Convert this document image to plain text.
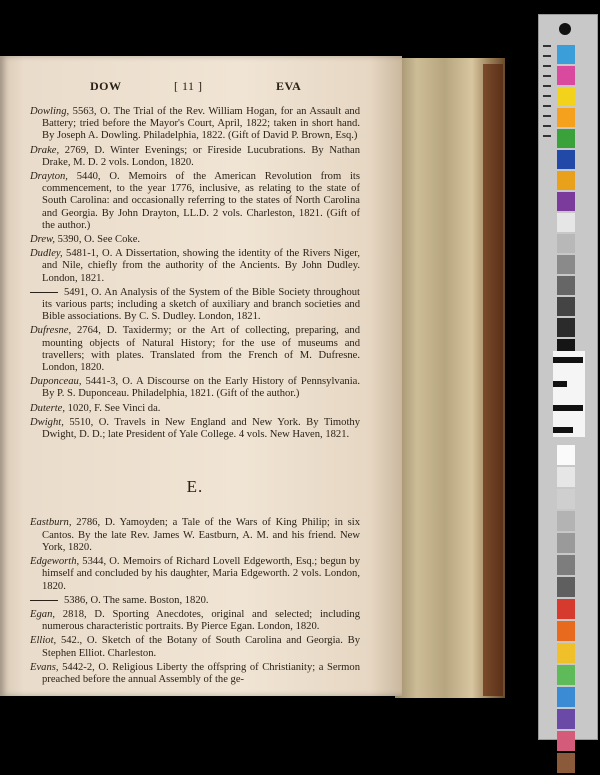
DOW	[ 11 ]	EVA
Dowling, 5563, O. The Trial of the Rev. William Hogan, for an Assault and Battery; tried before the Mayor's Court, April, 1822; taken in short hand. By Joseph A. Dowling. Philadelphia, 1822. (Gift of David P. Brown, Esq.)
Drake, 2769, D. Winter Evenings; or Fireside Lucubrations. By Nathan Drake, M. D. 2 vols. London, 1820.
Drayton, 5440, O. Memoirs of the American Revolution from its commencement, to the year 1776, inclusive, as relating to the state of South Carolina: and occasionally referring to the states of North Carolina and Georgia. By John Drayton, LL.D. 2 vols. Charleston, 1821. (Gift of the author.)
Drew, 5390, O. See Coke.
Dudley, 5481-1, O. A Dissertation, showing the identity of the Rivers Niger, and Nile, chiefly from the authority of the Ancients. By John Dudley. London, 1821.
5491, O. An Analysis of the System of the Bible Society throughout its various parts; including a sketch of auxiliary and branch societies and Bible associations. By C. S. Dudley. London, 1821.
Dufresne, 2764, D. Taxidermy; or the Art of collecting, preparing, and mounting objects of Natural History; for the use of museums and travellers; with plates. Translated from the French of M. Dufresne. London, 1820.
Duponceau, 5441-3, O. A Discourse on the Early History of Pennsylvania. By P. S. Duponceau. Philadelphia, 1821. (Gift of the author.)
Duterte, 1020, F. See Vinci da.
Dwight, 5510, O. Travels in New England and New York. By Timothy Dwight, D. D.; late President of Yale College. 4 vols. New Haven, 1821.
E.
Eastburn, 2786, D. Yamoyden; a Tale of the Wars of King Philip; in six Cantos. By the late Rev. James W. Eastburn, A. M. and his friend. New York, 1820.
Edgeworth, 5344, O. Memoirs of Richard Lovell Edgeworth, Esq.; begun by himself and concluded by his daughter, Maria Edgeworth. 2 vols. London, 1820.
5386, O. The same. Boston, 1820.
Egan, 2818, D. Sporting Anecdotes, original and selected; including numerous characteristic portraits. By Pierce Egan. London, 1820.
Elliot, 542., O. Sketch of the Botany of South Carolina and Georgia. By Stephen Elliot. Charleston.
Evans, 5442-2, O. Religious Liberty the offspring of Christianity; a Sermon preached before the annual Assembly of the ge-
